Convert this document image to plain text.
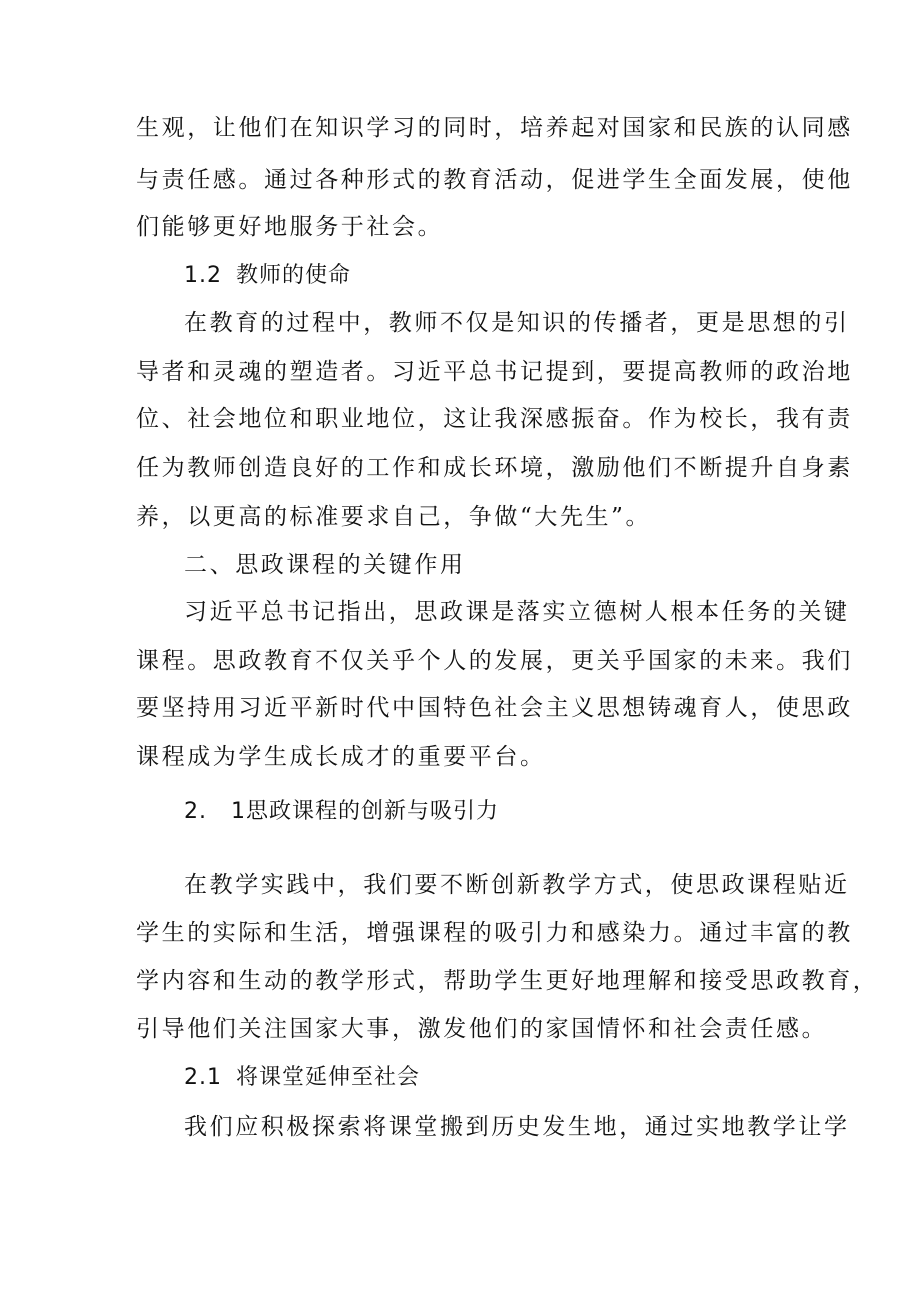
生观，让他们在知识学习的同时，培养起对国家和民族的认同感
与责任感。通过各种形式的教育活动，促进学生全面发展，使他
们能够更好地服务于社会。
1.2 教师的使命
在教育的过程中，教师不仅是知识的传播者，更是思想的引
导者和灵魂的塑造者。习近平总书记提到，要提高教师的政治地
位、社会地位和职业地位，这让我深感振奋。作为校长，我有责
任为教师创造良好的工作和成长环境，激励他们不断提升自身素
养，以更高的标准要求自己，争做“大先生”。
二、思政课程的关键作用
习近平总书记指出，思政课是落实立德树人根本任务的关键
课程。思政教育不仅关乎个人的发展，更关乎国家的未来。我们
要坚持用习近平新时代中国特色社会主义思想铸魂育人，使思政
课程成为学生成长成才的重要平台。
2. 1思政课程的创新与吸引力
在教学实践中，我们要不断创新教学方式，使思政课程贴近
学生的实际和生活，增强课程的吸引力和感染力。通过丰富的教
学内容和生动的教学形式，帮助学生更好地理解和接受思政教育，
引导他们关注国家大事，激发他们的家国情怀和社会责任感。
2.1 将课堂延伸至社会
我们应积极探索将课堂搬到历史发生地，通过实地教学让学
